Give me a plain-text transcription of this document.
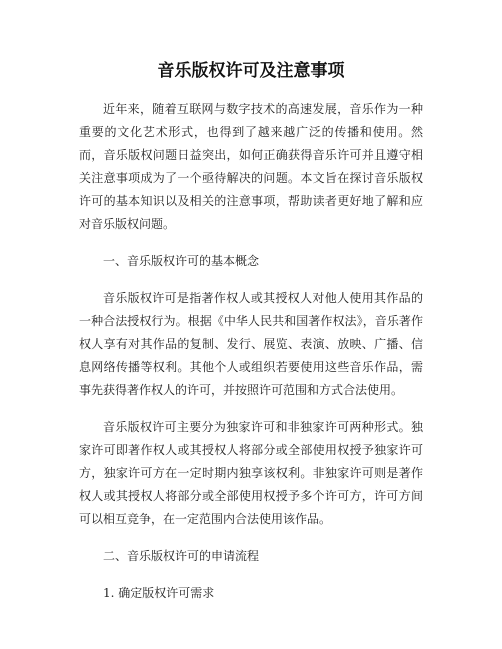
音乐版权许可及注意事项

近年来，随着互联网与数字技术的高速发展，音乐作为一种重要的文化艺术形式，也得到了越来越广泛的传播和使用。然而，音乐版权问题日益突出，如何正确获得音乐许可并且遵守相关注意事项成为了一个亟待解决的问题。本文旨在探讨音乐版权许可的基本知识以及相关的注意事项，帮助读者更好地了解和应对音乐版权问题。

一、音乐版权许可的基本概念

音乐版权许可是指著作权人或其授权人对他人使用其作品的一种合法授权行为。根据《中华人民共和国著作权法》，音乐著作权人享有对其作品的复制、发行、展览、表演、放映、广播、信息网络传播等权利。其他个人或组织若要使用这些音乐作品，需事先获得著作权人的许可，并按照许可范围和方式合法使用。

音乐版权许可主要分为独家许可和非独家许可两种形式。独家许可即著作权人或其授权人将部分或全部使用权授予独家许可方，独家许可方在一定时期内独享该权利。非独家许可则是著作权人或其授权人将部分或全部使用权授予多个许可方，许可方间可以相互竞争，在一定范围内合法使用该作品。

二、音乐版权许可的申请流程

1. 确定版权许可需求
